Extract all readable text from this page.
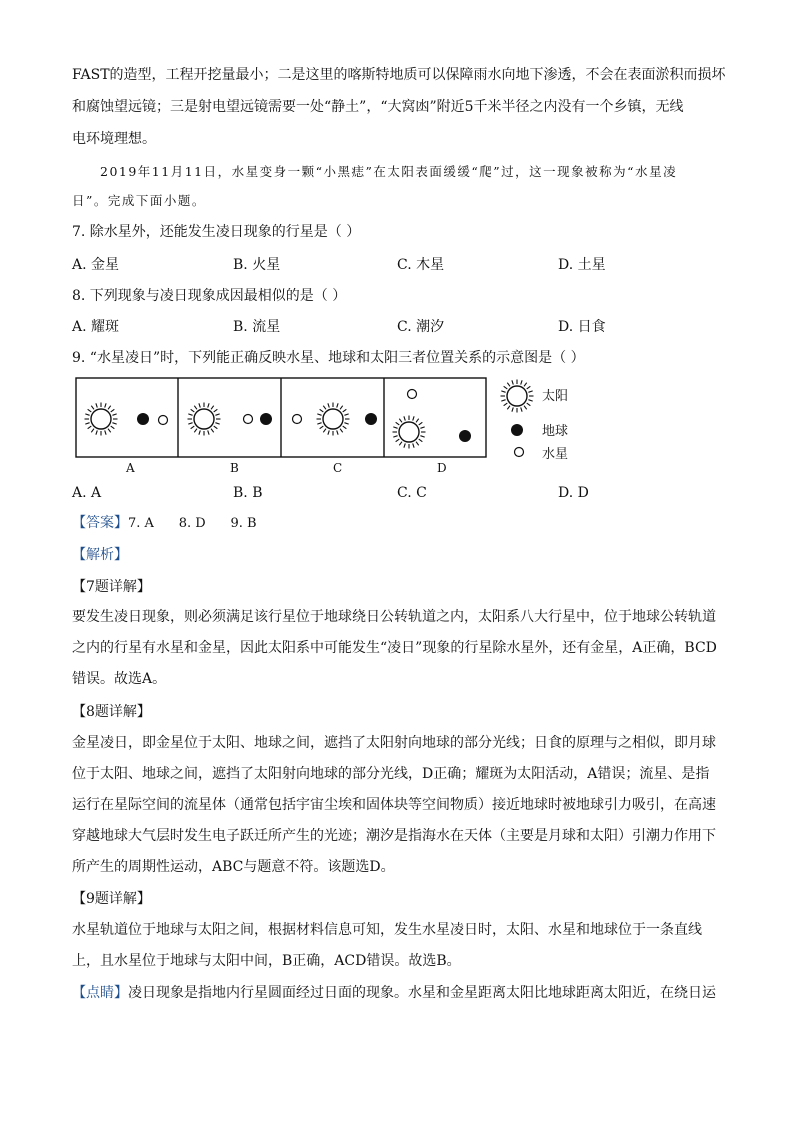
FAST的造型，工程开挖量最小；二是这里的喀斯特地质可以保障雨水向地下渗透，不会在表面淤积而损坏
和腐蚀望远镜；三是射电望远镜需要一处“静土”，“大窝凼”附近5千米半径之内没有一个乡镇，无线
电环境理想。
2019年11月11日，水星变身一颗“小黑痣”在太阳表面缓缓“爬”过，这一现象被称为“水星凌
日”。完成下面小题。
7. 除水星外，还能发生凌日现象的行星是（ ）
A. 金星	B. 火星	C. 木星	D. 土星
8. 下列现象与凌日现象成因最相似的是（ ）
A. 耀斑	B. 流星	C. 潮汐	D. 日食
9. “水星凌日”时，下列能正确反映水星、地球和太阳三者位置关系的示意图是（ ）
A	B	C	D
太阳
地球
水星
A. A	B. B	C. C	D. D
【答案】7. A      8. D      9. B
【解析】
【7题详解】
要发生凌日现象，则必须满足该行星位于地球绕日公转轨道之内，太阳系八大行星中，位于地球公转轨道
之内的行星有水星和金星，因此太阳系中可能发生“凌日”现象的行星除水星外，还有金星，A正确，BCD
错误。故选A。
【8题详解】
金星凌日，即金星位于太阳、地球之间，遮挡了太阳射向地球的部分光线；日食的原理与之相似，即月球
位于太阳、地球之间，遮挡了太阳射向地球的部分光线，D正确；耀斑为太阳活动，A错误；流星、是指
运行在星际空间的流星体（通常包括宇宙尘埃和固体块等空间物质）接近地球时被地球引力吸引，在高速
穿越地球大气层时发生电子跃迁所产生的光迹；潮汐是指海水在天体（主要是月球和太阳）引潮力作用下
所产生的周期性运动，ABC与题意不符。该题选D。
【9题详解】
水星轨道位于地球与太阳之间，根据材料信息可知，发生水星凌日时，太阳、水星和地球位于一条直线
上，且水星位于地球与太阳中间，B正确，ACD错误。故选B。
【点睛】凌日现象是指地内行星圆面经过日面的现象。水星和金星距离太阳比地球距离太阳近，在绕日运
